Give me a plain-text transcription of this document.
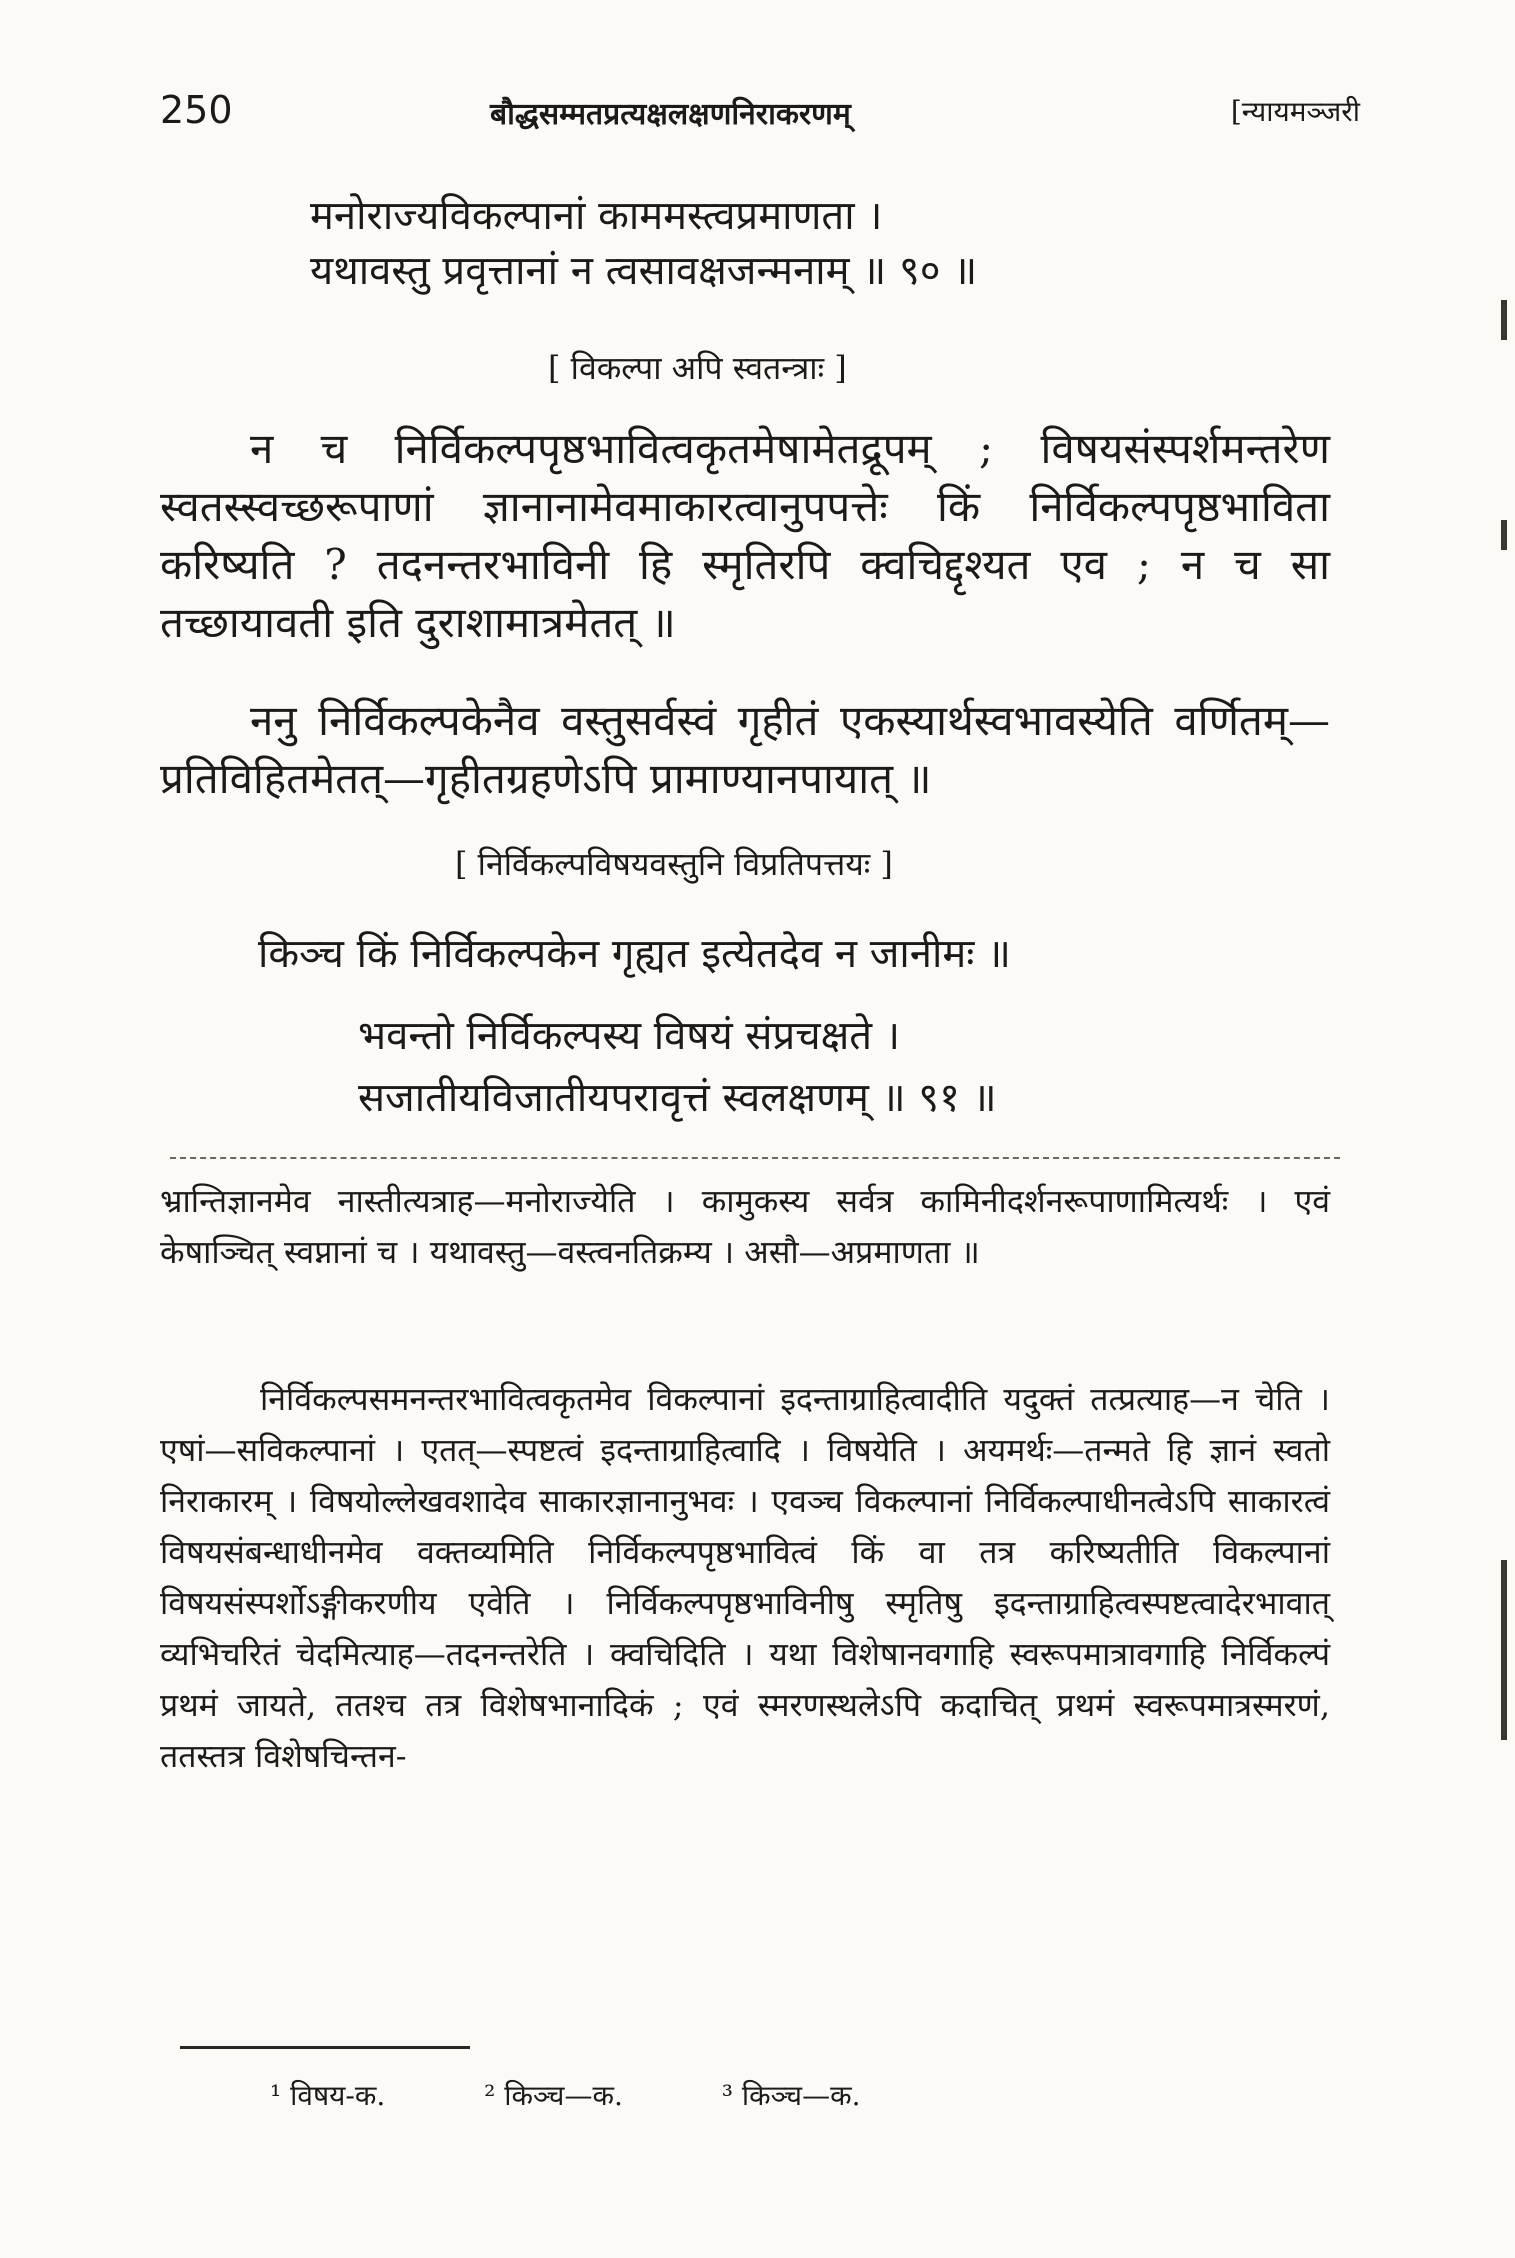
250	बौद्धसम्मतप्रत्यक्षलक्षणनिराकरणम्	[न्यायमञ्जरी
मनोराज्यविकल्पानां काममस्त्वप्रमाणता ।
यथावस्तु प्रवृत्तानां न त्वसावक्षजन्मनाम् ॥ ९० ॥
[ विकल्पा अपि स्वतन्त्राः ]
न च निर्विकल्पपृष्ठभावित्वकृतमेषामेतद्रूपम् ; विषयसंस्पर्शमन्तरेण स्वतस्स्वच्छरूपाणां ज्ञानानामेवमाकारत्वानुपपत्तेः किं निर्विकल्पपृष्ठभाविता करिष्यति ? तदनन्तरभाविनी हि स्मृतिरपि क्वचिद्दृश्यत एव ; न च सा तच्छायावती इति दुराशामात्रमेतत् ॥
ननु निर्विकल्पकेनैव वस्तुसर्वस्वं गृहीतं एकस्यार्थस्वभावस्येति वर्णितम्—प्रतिविहितमेतत्—गृहीतग्रहणेऽपि प्रामाण्यानपायात् ॥
[ निर्विकल्पविषयवस्तुनि विप्रतिपत्तयः ]
किञ्च किं निर्विकल्पकेन गृह्यत इत्येतदेव न जानीमः ॥
भवन्तो निर्विकल्पस्य विषयं संप्रचक्षते ।
सजातीयविजातीयपरावृत्तं स्वलक्षणम् ॥ ९१ ॥
भ्रान्तिज्ञानमेव नास्तीत्यत्राह—मनोराज्येति । कामुकस्य सर्वत्र कामिनीदर्शनरूपाणामित्यर्थः । एवं केषाञ्चित् स्वप्नानां च । यथावस्तु—वस्त्वनतिक्रम्य । असौ—अप्रमाणता ॥
निर्विकल्पसमनन्तरभावित्वकृतमेव विकल्पानां इदन्ताग्राहित्वादीति यदुक्तं तत्प्रत्याह—न चेति । एषां—सविकल्पानां । एतत्—स्पष्टत्वं इदन्ताग्राहित्वादि । विषयेति । अयमर्थः—तन्मते हि ज्ञानं स्वतो निराकारम् । विषयोल्लेखवशादेव साकारज्ञानानुभवः । एवञ्च विकल्पानां निर्विकल्पाधीनत्वेऽपि साकारत्वं विषयसंबन्धाधीनमेव वक्तव्यमिति निर्विकल्पपृष्ठभावित्वं किं वा तत्र करिष्यतीति विकल्पानां विषयसंस्पर्शोऽङ्गीकरणीय एवेति । निर्विकल्पपृष्ठभाविनीषु स्मृतिषु इदन्ताग्राहित्वस्पष्टत्वादेरभावात् व्यभिचरितं चेदमित्याह—तदनन्तरेति । क्वचिदिति । यथा विशेषानवगाहि स्वरूपमात्रावगाहि निर्विकल्पं प्रथमं जायते, ततश्च तत्र विशेषभानादिकं ; एवं स्मरणस्थलेऽपि कदाचित् प्रथमं स्वरूपमात्रस्मरणं, ततस्तत्र विशेषचिन्तन-
¹ विषय-क.	² किञ्च—क.	³ किञ्च—क.
